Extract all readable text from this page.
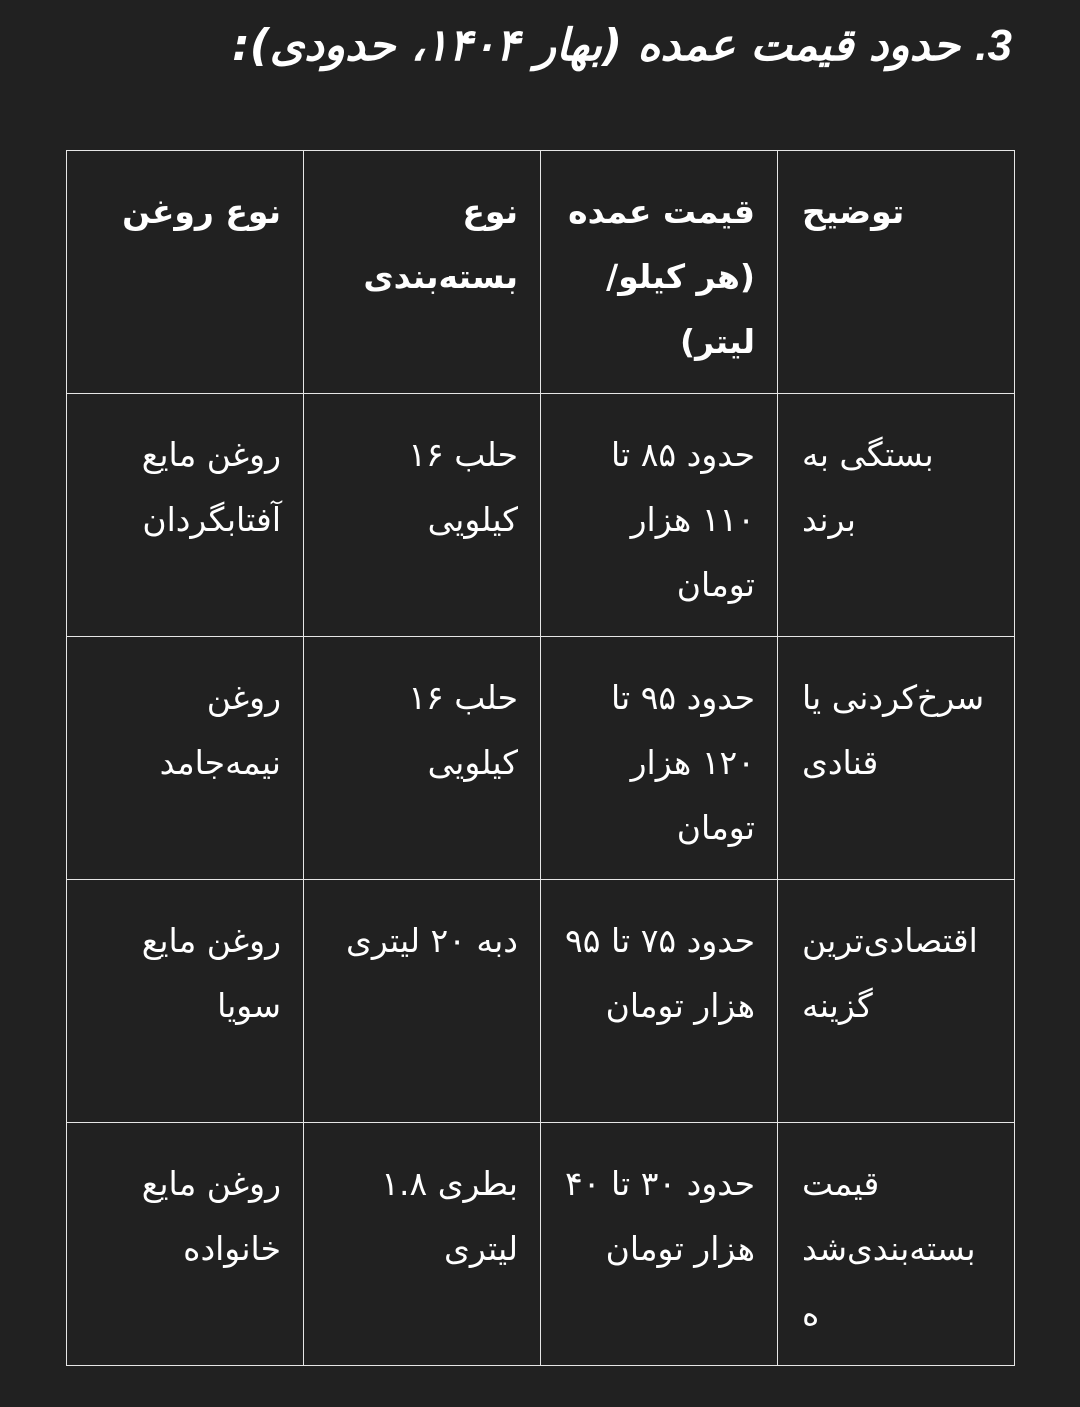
3. حدود قیمت عمده (بهار ۱۴۰۴، حدودی):
توضیح	قیمت عمده (هر کیلو/لیتر)	نوع بسته‌بندی	نوع روغن
بستگی به برند	حدود ۸۵ تا ۱۱۰ هزار تومان	حلب ۱۶ کیلویی	روغن مایع آفتابگردان
سرخ‌کردنی یا قنادی	حدود ۹۵ تا ۱۲۰ هزار تومان	حلب ۱۶ کیلویی	روغن نیمه‌جامد
اقتصادی‌ترین گزینه	حدود ۷۵ تا ۹۵ هزار تومان	دبه ۲۰ لیتری	روغن مایع سویا
قیمت بسته‌بندی‌شده	حدود ۳۰ تا ۴۰ هزار تومان	بطری ۱.۸ لیتری	روغن مایع خانواده
